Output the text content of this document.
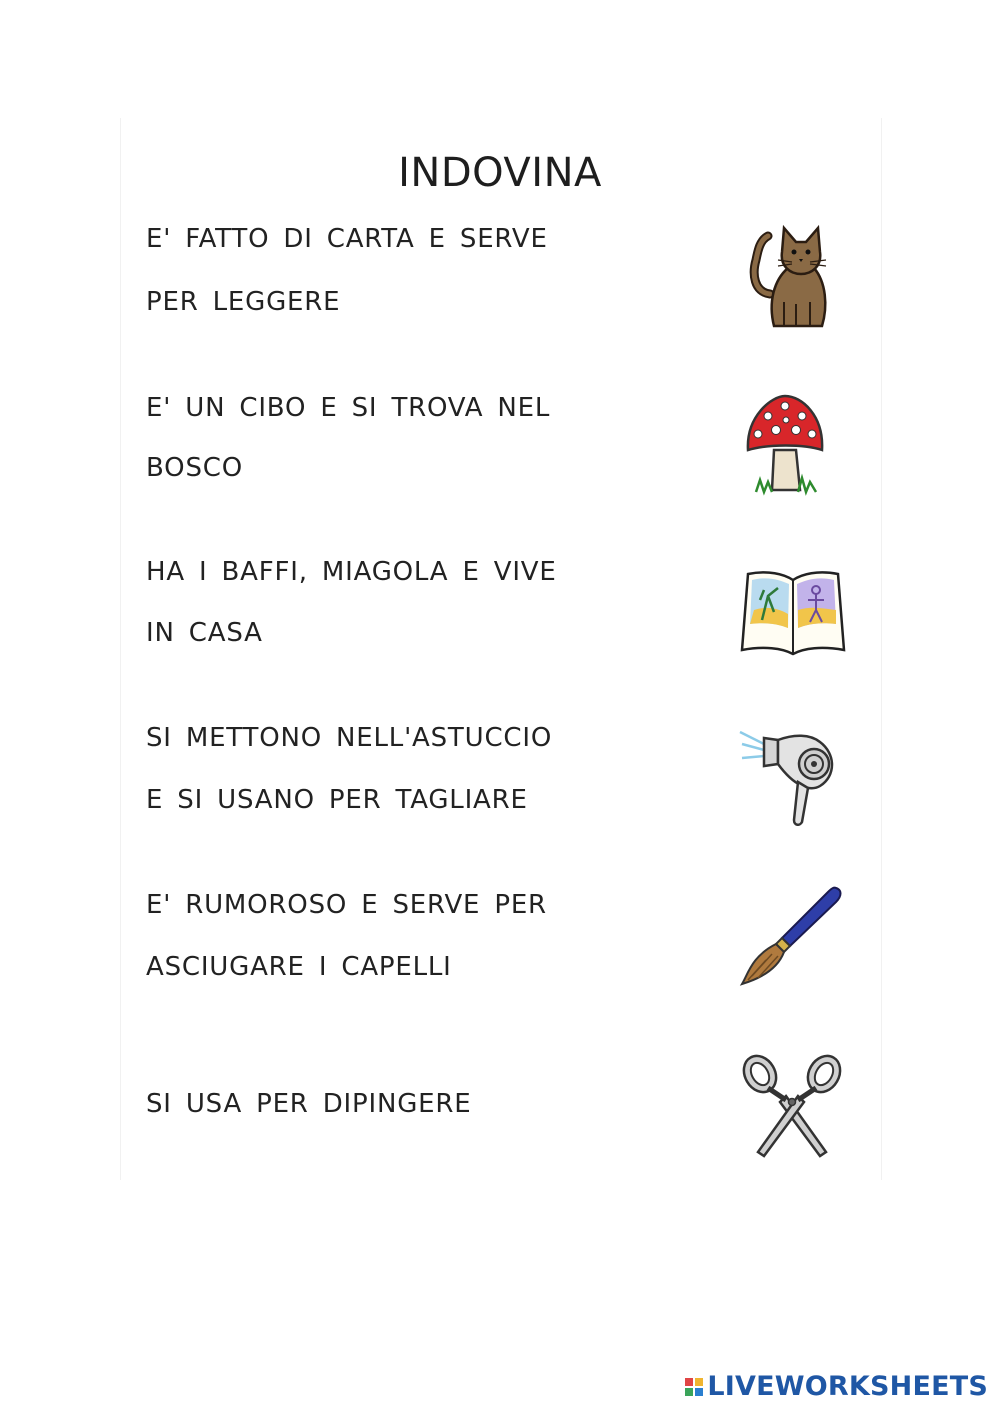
INDOVINA
E' FATTO DI CARTA E SERVE
PER LEGGERE
E' UN CIBO E SI TROVA NEL
BOSCO
HA I BAFFI, MIAGOLA E VIVE
IN CASA
SI METTONO NELL'ASTUCCIO
E SI USANO PER TAGLIARE
E' RUMOROSO E SERVE PER
ASCIUGARE I CAPELLI
SI USA PER DIPINGERE
LIVEWORKSHEETS
